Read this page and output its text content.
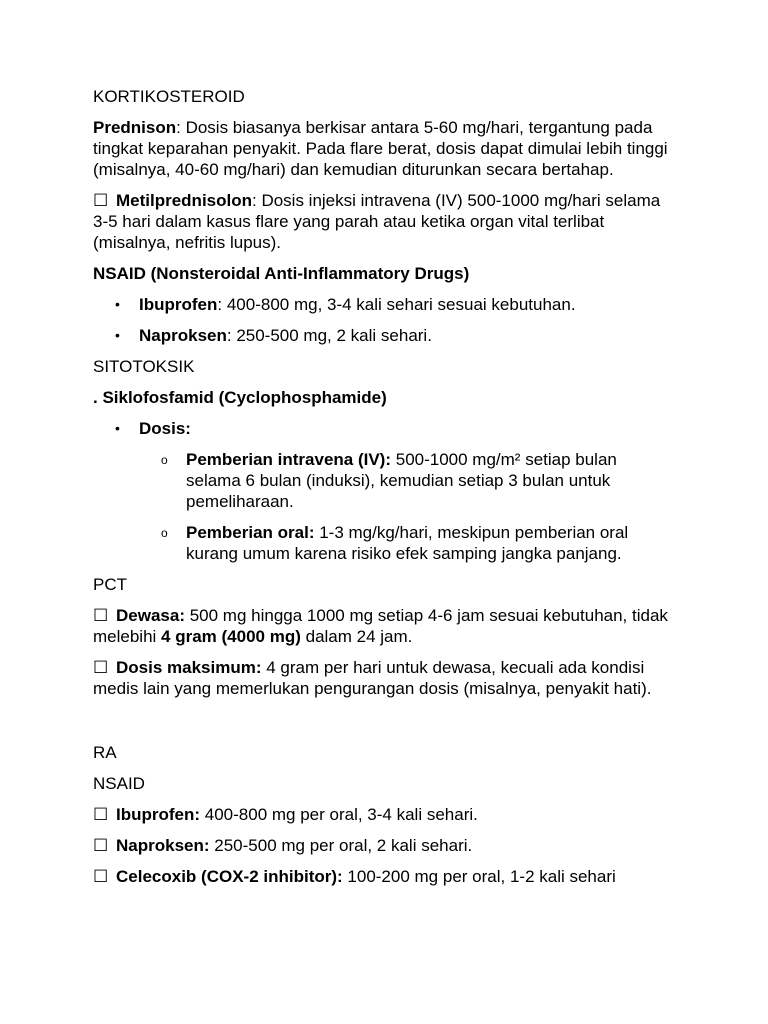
KORTIKOSTEROID

Prednison: Dosis biasanya berkisar antara 5-60 mg/hari, tergantung pada tingkat keparahan penyakit. Pada flare berat, dosis dapat dimulai lebih tinggi (misalnya, 40-60 mg/hari) dan kemudian diturunkan secara bertahap.

☐ Metilprednisolon: Dosis injeksi intravena (IV) 500-1000 mg/hari selama 3-5 hari dalam kasus flare yang parah atau ketika organ vital terlibat (misalnya, nefritis lupus).

NSAID (Nonsteroidal Anti-Inflammatory Drugs)

• Ibuprofen: 400-800 mg, 3-4 kali sehari sesuai kebutuhan.
• Naproksen: 250-500 mg, 2 kali sehari.

SITOTOKSIK

. Siklofosfamid (Cyclophosphamide)

• Dosis:
o Pemberian intravena (IV): 500-1000 mg/m² setiap bulan selama 6 bulan (induksi), kemudian setiap 3 bulan untuk pemeliharaan.
o Pemberian oral: 1-3 mg/kg/hari, meskipun pemberian oral kurang umum karena risiko efek samping jangka panjang.

PCT

☐ Dewasa: 500 mg hingga 1000 mg setiap 4-6 jam sesuai kebutuhan, tidak melebihi 4 gram (4000 mg) dalam 24 jam.

☐ Dosis maksimum: 4 gram per hari untuk dewasa, kecuali ada kondisi medis lain yang memerlukan pengurangan dosis (misalnya, penyakit hati).

RA

NSAID

☐ Ibuprofen: 400-800 mg per oral, 3-4 kali sehari.

☐ Naproksen: 250-500 mg per oral, 2 kali sehari.

☐ Celecoxib (COX-2 inhibitor): 100-200 mg per oral, 1-2 kali sehari
